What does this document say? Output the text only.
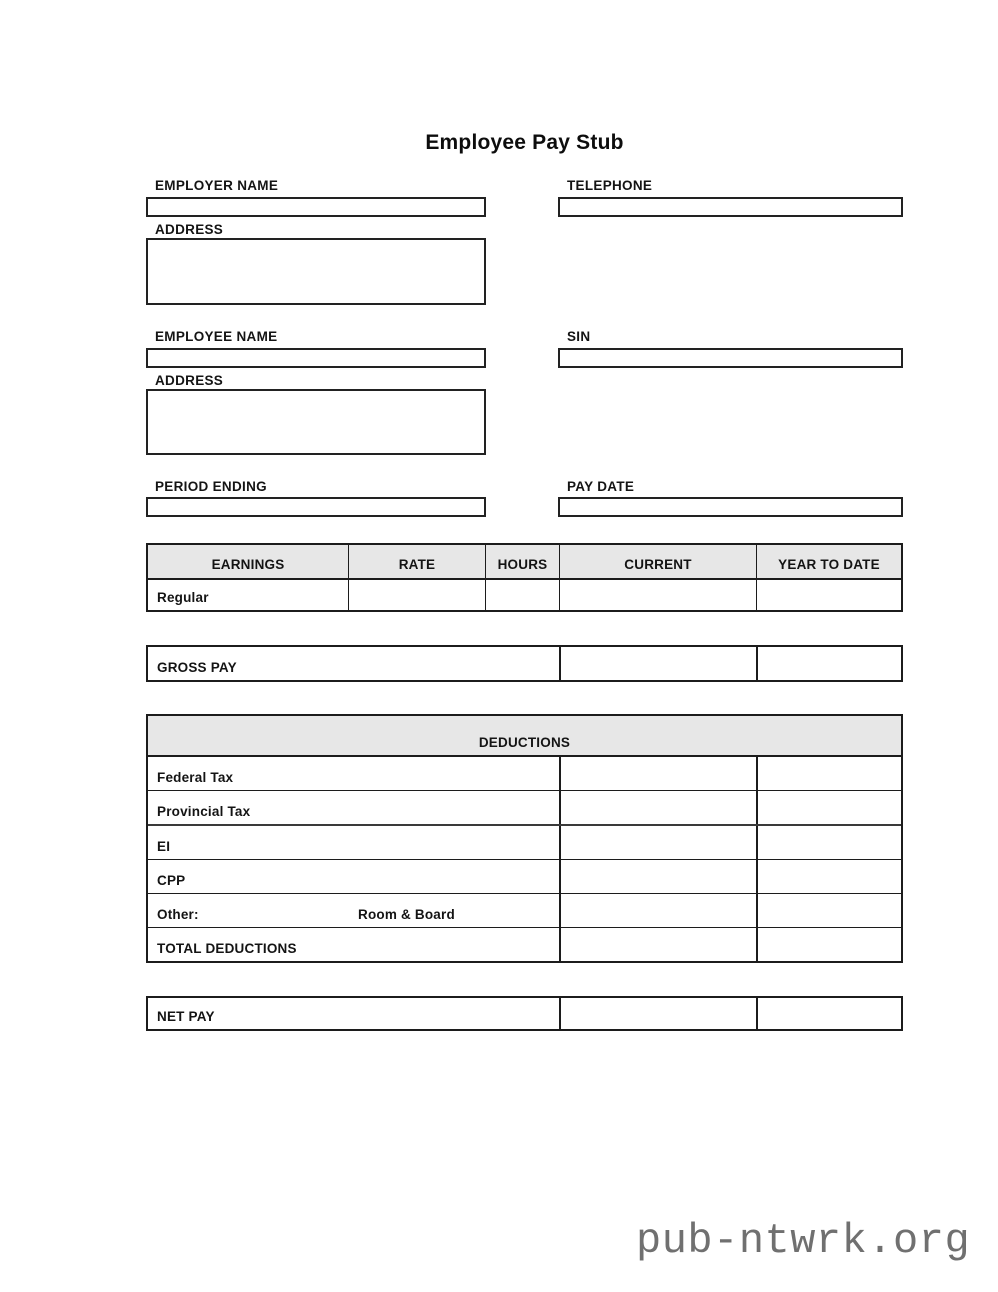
Employee Pay Stub
EMPLOYER NAME	TELEPHONE
ADDRESS
EMPLOYEE NAME	SIN
ADDRESS
PERIOD ENDING	PAY DATE
EARNINGS	RATE	HOURS	CURRENT	YEAR TO DATE
Regular
GROSS PAY
DEDUCTIONS
Federal Tax
Provincial Tax
EI
CPP
Other:	Room & Board
TOTAL DEDUCTIONS
NET PAY
pub-ntwrk.org
